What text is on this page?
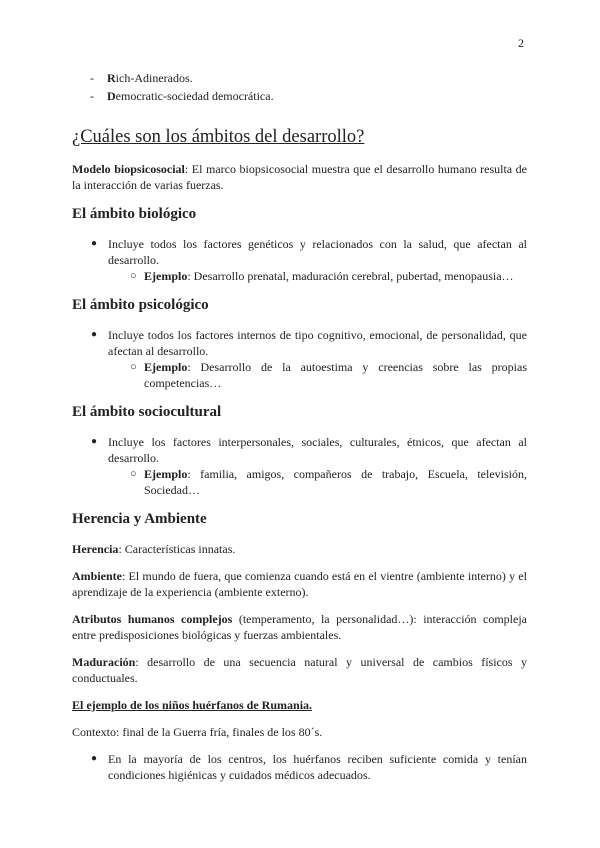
2
- Rich-Adinerados.
- Democratic-sociedad democrática.
¿Cuáles son los ámbitos del desarrollo?

Modelo biopsicosocial: El marco biopsicosocial muestra que el desarrollo humano resulta de la interacción de varias fuerzas.

El ámbito biológico
● Incluye todos los factores genéticos y relacionados con la salud, que afectan al desarrollo.
○ Ejemplo: Desarrollo prenatal, maduración cerebral, pubertad, menopausia…
El ámbito psicológico
● Incluye todos los factores internos de tipo cognitivo, emocional, de personalidad, que afectan al desarrollo.
○ Ejemplo: Desarrollo de la autoestima y creencias sobre las propias competencias…
El ámbito sociocultural
● Incluye los factores interpersonales, sociales, culturales, étnicos, que afectan al desarrollo.
○ Ejemplo: familia, amigos, compañeros de trabajo, Escuela, televisión, Sociedad…
Herencia y Ambiente

Herencia: Características innatas.

Ambiente: El mundo de fuera, que comienza cuando está en el vientre (ambiente interno) y el aprendizaje de la experiencia (ambiente externo).

Atributos humanos complejos (temperamento, la personalidad…): interacción compleja entre predisposiciones biológicas y fuerzas ambientales.

Maduración: desarrollo de una secuencia natural y universal de cambios físicos y conductuales.

El ejemplo de los niños huérfanos de Rumania.

Contexto: final de la Guerra fría, finales de los 80´s.

● En la mayoría de los centros, los huérfanos reciben suficiente comida y tenían condiciones higiénicas y cuidados médicos adecuados.
